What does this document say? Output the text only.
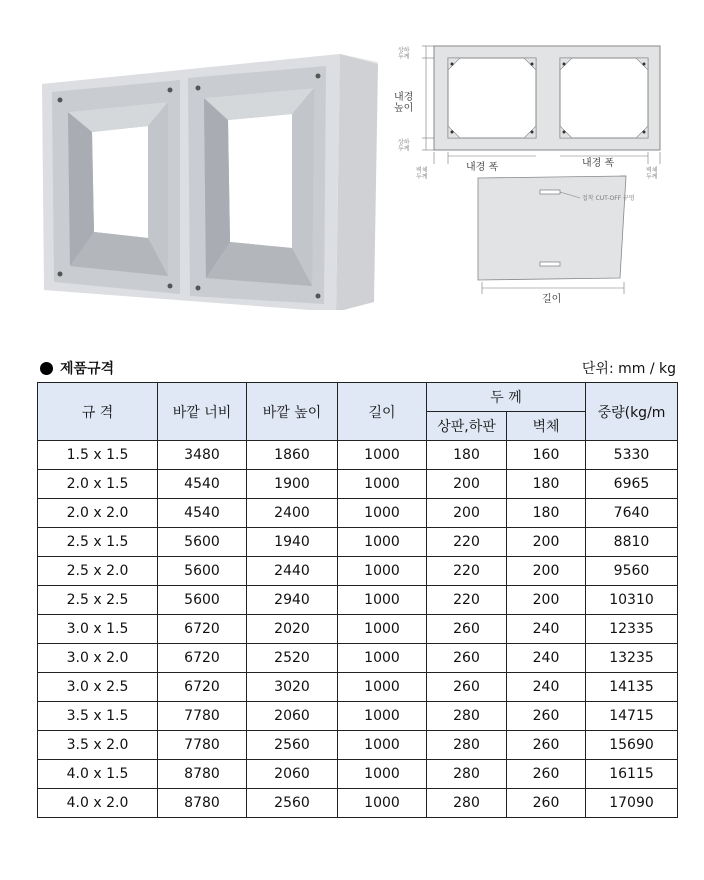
상하 두께
내경 높이
상하 두께
내경 폭	내경 폭
벽체 두께
벽체 두께
접착 CUT-OFF 구멍
길이
제품규격	단위: mm / kg
규 격	바깥 너비	바깥 높이	길이	두 께		중량(kg/m
				상판,하판	벽체	
1.5 x 1.5	3480	1860	1000	180	160	5330
2.0 x 1.5	4540	1900	1000	200	180	6965
2.0 x 2.0	4540	2400	1000	200	180	7640
2.5 x 1.5	5600	1940	1000	220	200	8810
2.5 x 2.0	5600	2440	1000	220	200	9560
2.5 x 2.5	5600	2940	1000	220	200	10310
3.0 x 1.5	6720	2020	1000	260	240	12335
3.0 x 2.0	6720	2520	1000	260	240	13235
3.0 x 2.5	6720	3020	1000	260	240	14135
3.5 x 1.5	7780	2060	1000	280	260	14715
3.5 x 2.0	7780	2560	1000	280	260	15690
4.0 x 1.5	8780	2060	1000	280	260	16115
4.0 x 2.0	8780	2560	1000	280	260	17090
